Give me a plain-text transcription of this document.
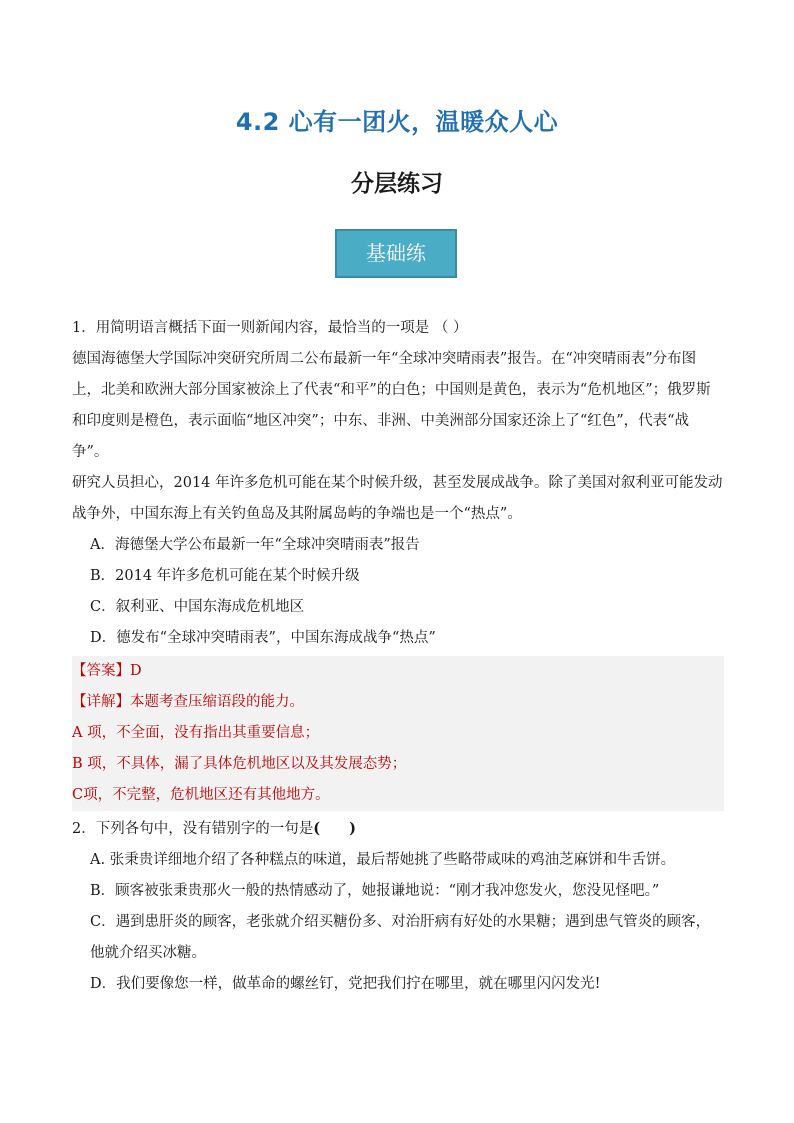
4.2 心有一团火，温暖众人心
分层练习
基础练

1．用简明语言概括下面一则新闻内容，最恰当的一项是 （ ）

德国海德堡大学国际冲突研究所周二公布最新一年“全球冲突晴雨表”报告。在“冲突晴雨表”分布图上，北美和欧洲大部分国家被涂上了代表“和平”的白色；中国则是黄色，表示为“危机地区”；俄罗斯和印度则是橙色，表示面临“地区冲突”；中东、非洲、中美洲部分国家还涂上了“红色”，代表“战争”。

研究人员担心，2014 年许多危机可能在某个时候升级，甚至发展成战争。除了美国对叙利亚可能发动战争外，中国东海上有关钓鱼岛及其附属岛屿的争端也是一个“热点”。

A．海德堡大学公布最新一年“全球冲突晴雨表”报告

B．2014 年许多危机可能在某个时候升级

C．叙利亚、中国东海成危机地区

D．德发布“全球冲突晴雨表”，中国东海成战争“热点”

【答案】D

【详解】本题考查压缩语段的能力。

A 项，不全面，没有指出其重要信息；

B 项，不具体，漏了具体危机地区以及其发展态势；

C项，不完整，危机地区还有其他地方。

2．下列各句中，没有错别字的一句是(　　)

A. 张秉贵详细地介绍了各种糕点的味道，最后帮她挑了些略带咸味的鸡油芝麻饼和牛舌饼。

B．顾客被张秉贵那火一般的热情感动了，她报谦地说：“刚才我冲您发火，您没见怪吧。”

C．遇到患肝炎的顾客，老张就介绍买糖份多、对治肝病有好处的水果糖；遇到患气管炎的顾客，他就介绍买冰糖。

D．我们要像您一样，做革命的螺丝钉，党把我们拧在哪里，就在哪里闪闪发光!
